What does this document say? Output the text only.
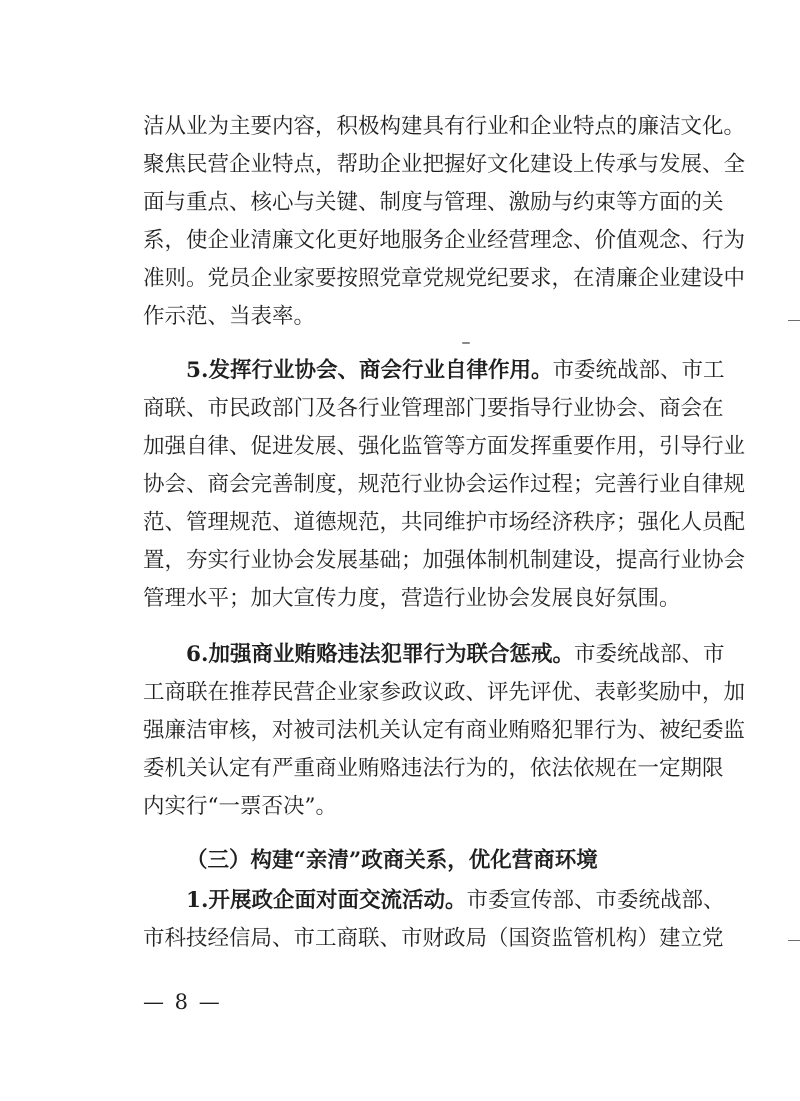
洁从业为主要内容，积极构建具有行业和企业特点的廉洁文化。
聚焦民营企业特点，帮助企业把握好文化建设上传承与发展、全
面与重点、核心与关键、制度与管理、激励与约束等方面的关
系，使企业清廉文化更好地服务企业经营理念、价值观念、行为
准则。党员企业家要按照党章党规党纪要求，在清廉企业建设中
作示范、当表率。
5.发挥行业协会、商会行业自律作用。市委统战部、市工
商联、市民政部门及各行业管理部门要指导行业协会、商会在
加强自律、促进发展、强化监管等方面发挥重要作用，引导行业
协会、商会完善制度，规范行业协会运作过程；完善行业自律规
范、管理规范、道德规范，共同维护市场经济秩序；强化人员配
置，夯实行业协会发展基础；加强体制机制建设，提高行业协会
管理水平；加大宣传力度，营造行业协会发展良好氛围。
6.加强商业贿赂违法犯罪行为联合惩戒。市委统战部、市
工商联在推荐民营企业家参政议政、评先评优、表彰奖励中，加
强廉洁审核，对被司法机关认定有商业贿赂犯罪行为、被纪委监
委机关认定有严重商业贿赂违法行为的，依法依规在一定期限
内实行“一票否决”。
（三）构建“亲清”政商关系，优化营商环境
1.开展政企面对面交流活动。市委宣传部、市委统战部、
市科技经信局、市工商联、市财政局（国资监管机构）建立党
— 8 —
